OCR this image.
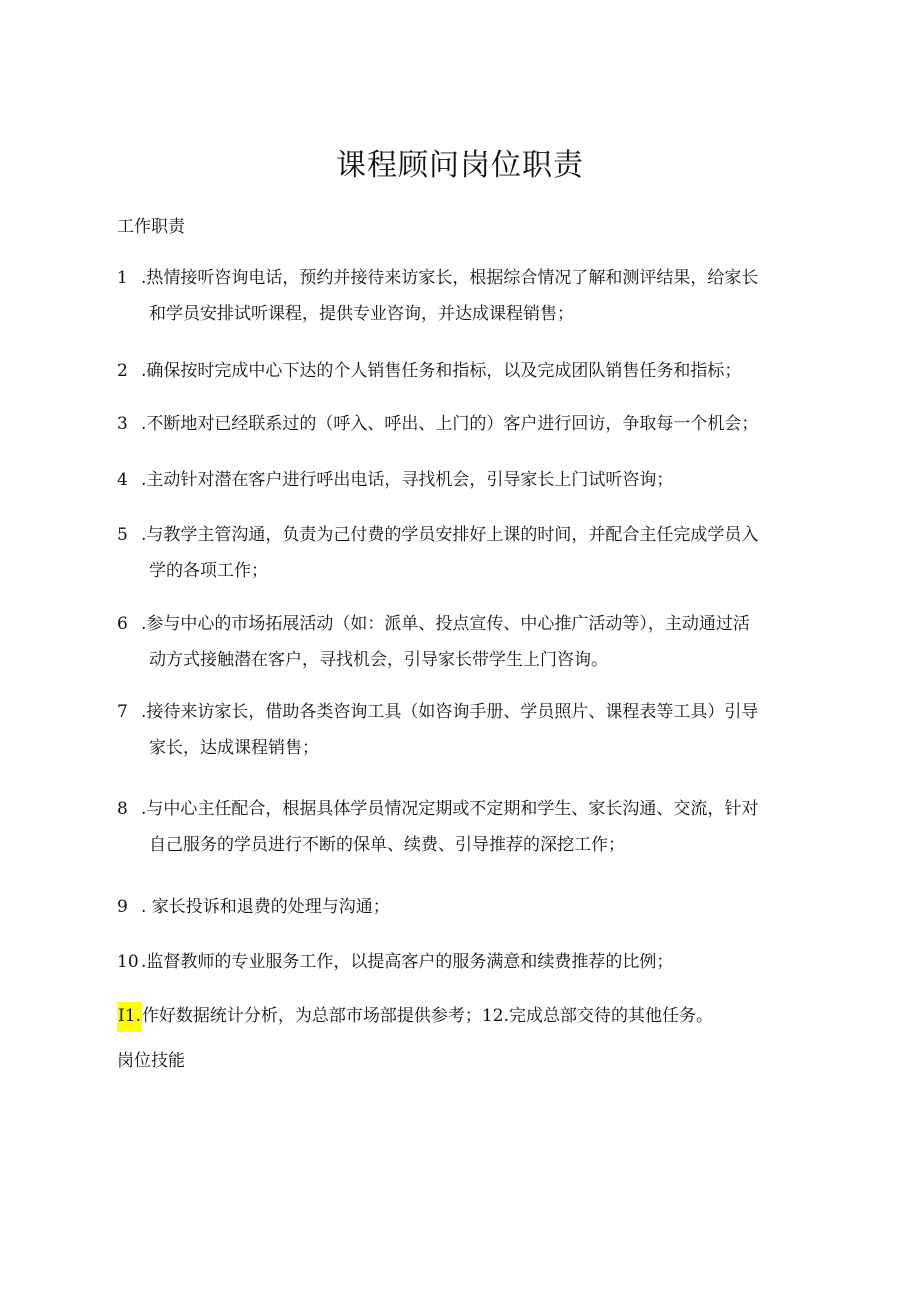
课程顾问岗位职责
工作职责
1 .热情接听咨询电话，预约并接待来访家长，根据综合情况了解和测评结果，给家长
和学员安排试听课程，提供专业咨询，并达成课程销售；
2 .确保按时完成中心下达的个人销售任务和指标，以及完成团队销售任务和指标；
3 .不断地对已经联系过的（呼入、呼出、上门的）客户进行回访，争取每一个机会；
4 .主动针对潜在客户进行呼出电话，寻找机会，引导家长上门试听咨询；
5 .与教学主管沟通，负责为己付费的学员安排好上课的时间，并配合主任完成学员入
学的各项工作；
6 .参与中心的市场拓展活动（如：派单、投点宣传、中心推广活动等），主动通过活
动方式接触潜在客户，寻找机会，引导家长带学生上门咨询。
7 .接待来访家长，借助各类咨询工具（如咨询手册、学员照片、课程表等工具）引导
家长，达成课程销售；
8 .与中心主任配合，根据具体学员情况定期或不定期和学生、家长沟通、交流，针对
自己服务的学员进行不断的保单、续费、引导推荐的深挖工作；
9 . 家长投诉和退费的处理与沟通；
10 .监督教师的专业服务工作，以提高客户的服务满意和续费推荐的比例；
I1.作好数据统计分析，为总部市场部提供参考；12.完成总部交待的其他任务。
岗位技能
